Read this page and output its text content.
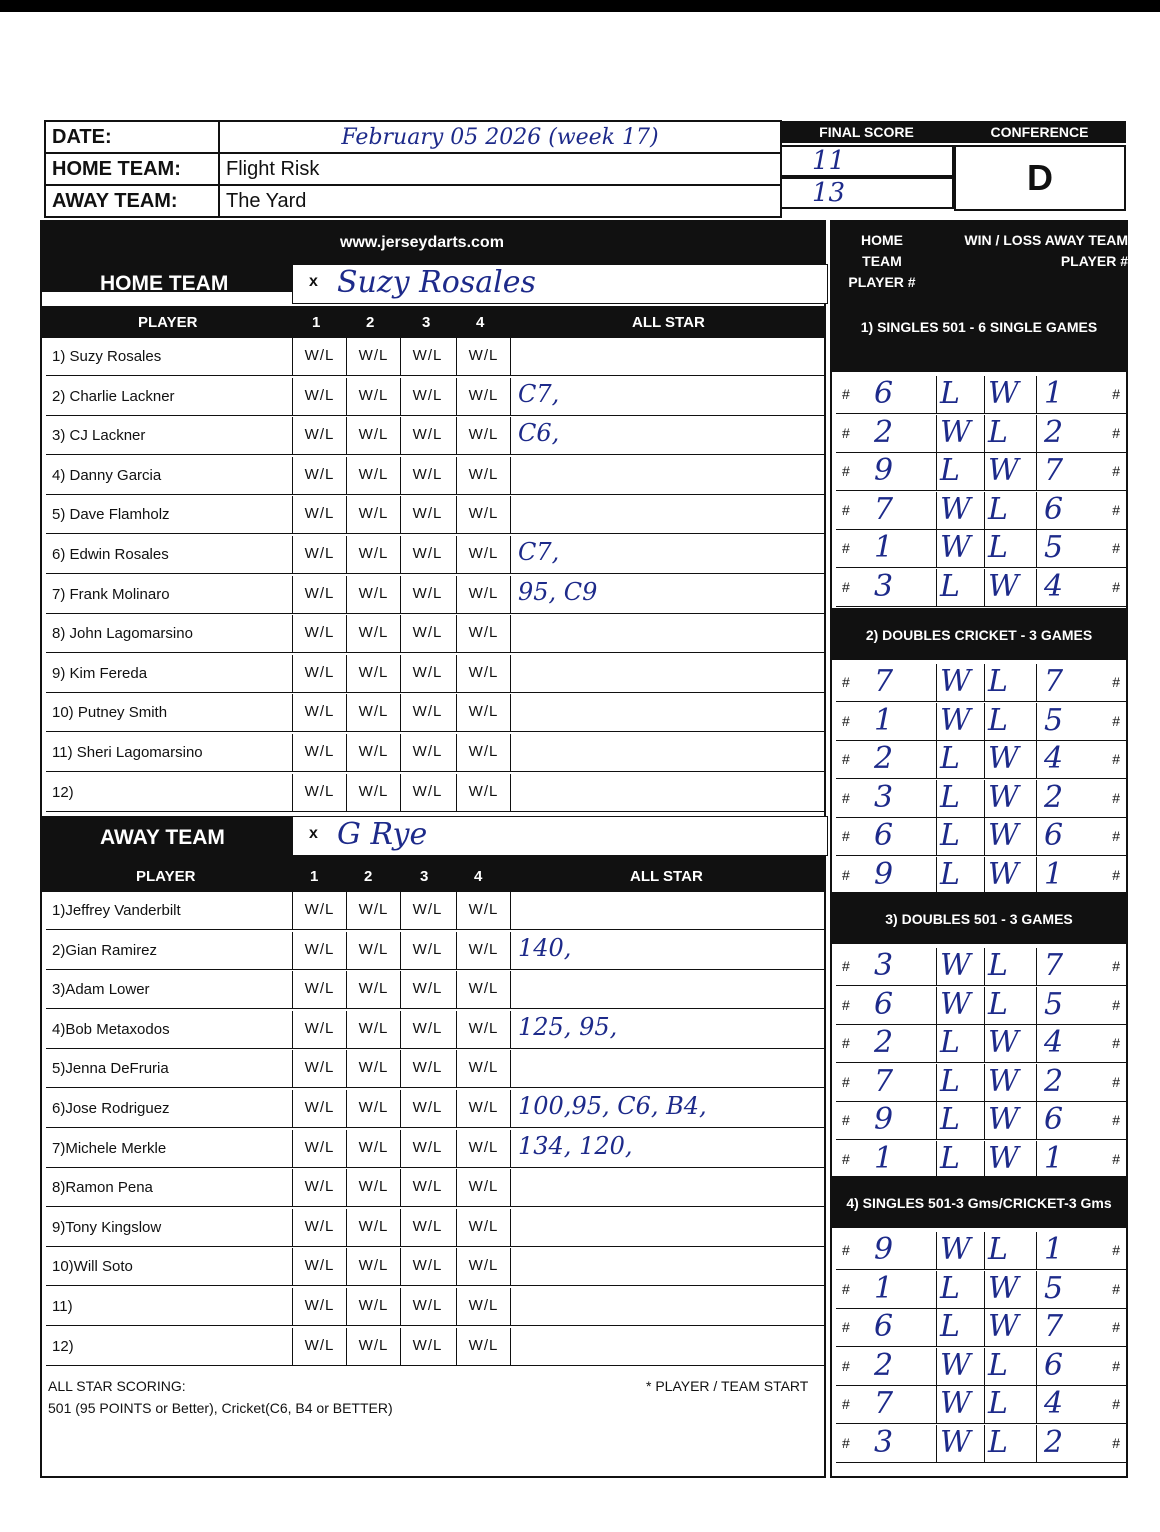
DATE:	February 05 2026 (week 17)
HOME TEAM:	Flight Risk
AWAY TEAM:	The Yard
FINAL SCORE	CONFERENCE
11
13	D
www.jerseydarts.com
HOME TEAM	x Suzy Rosales
PLAYER	1	2	3	4	ALL STAR
1) Suzy Rosales	W/L	W/L	W/L	W/L
2) Charlie Lackner	W/L	W/L	W/L	W/L C7,
3) CJ Lackner	W/L	W/L	W/L	W/L C6,
4) Danny Garcia	W/L	W/L	W/L	W/L
5) Dave Flamholz	W/L	W/L	W/L	W/L
6) Edwin Rosales	W/L	W/L	W/L	W/L C7,
7) Frank Molinaro	W/L	W/L	W/L	W/L 95, C9
8) John Lagomarsino	W/L	W/L	W/L	W/L
9) Kim Fereda	W/L	W/L	W/L	W/L
10) Putney Smith	W/L	W/L	W/L	W/L
11) Sheri Lagomarsino	W/L	W/L	W/L	W/L
12)	W/L	W/L	W/L	W/L
AWAY TEAM	x G Rye
PLAYER	1	2	3	4	ALL STAR
1)Jeffrey Vanderbilt	W/L	W/L	W/L	W/L
2)Gian Ramirez	W/L	W/L	W/L	W/L 140,
3)Adam Lower	W/L	W/L	W/L	W/L
4)Bob Metaxodos	W/L	W/L	W/L	W/L 125, 95,
5)Jenna DeFruria	W/L	W/L	W/L	W/L
6)Jose Rodriguez	W/L	W/L	W/L	W/L 100,95, C6, B4,
7)Michele Merkle	W/L	W/L	W/L	W/L 134, 120,
8)Ramon Pena	W/L	W/L	W/L	W/L
9)Tony Kingslow	W/L	W/L	W/L	W/L
10)Will Soto	W/L	W/L	W/L	W/L
11)	W/L	W/L	W/L	W/L
12)	W/L	W/L	W/L	W/L
ALL STAR SCORING:
501 (95 POINTS or Better), Cricket(C6, B4 or BETTER)
* PLAYER / TEAM START
HOME TEAM PLAYER #
WIN / LOSS AWAY TEAM PLAYER #
1) SINGLES 501 - 6 SINGLE GAMES
# 6	L W 1	#
# 2	W L	2	#
# 9	L W 7	#
# 7	W L	6	#
# 1	W L	5	#
# 3	L W 4	#
2) DOUBLES CRICKET - 3 GAMES
# 7	W L	7	#
# 1	W L	5	#
# 2	L W 4	#
# 3	L W 2	#
# 6	L W 6	#
# 9	L W 1	#
3) DOUBLES 501 - 3 GAMES
# 3	W L	7	#
# 6	W L	5	#
# 2	L W 4	#
# 7	L W 2	#
# 9	L W 6	#
# 1	L W 1	#
4) SINGLES 501-3 Gms/CRICKET-3 Gms
# 9	W L	1	#
# 1	L W 5	#
# 6	L W 7	#
# 2	W L	6	#
# 7	W L	4	#
# 3	W L	2	#
